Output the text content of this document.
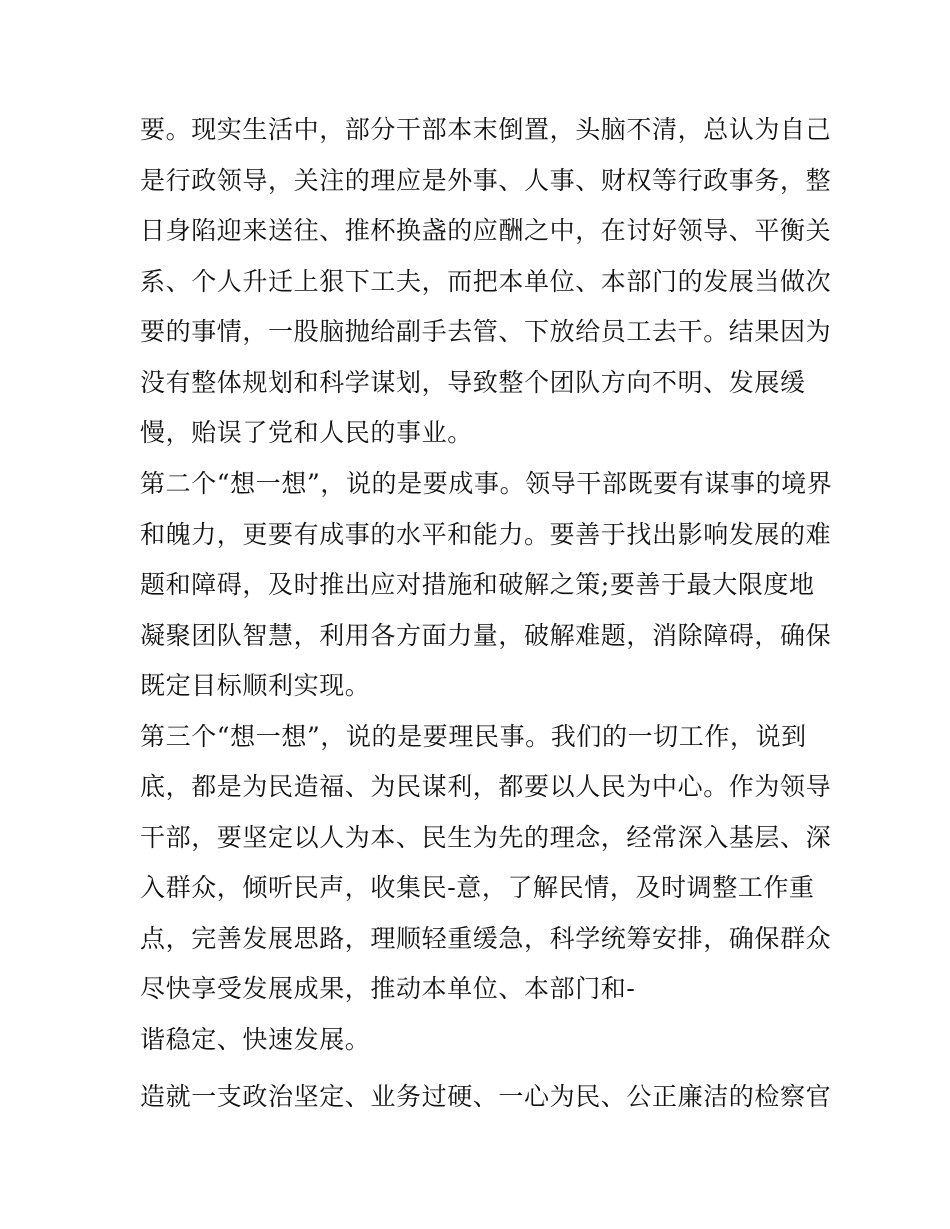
要。现实生活中，部分干部本末倒置，头脑不清，总认为自己
是行政领导，关注的理应是外事、人事、财权等行政事务，整
日身陷迎来送往、推杯换盏的应酬之中，在讨好领导、平衡关
系、个人升迁上狠下工夫，而把本单位、本部门的发展当做次
要的事情，一股脑抛给副手去管、下放给员工去干。结果因为
没有整体规划和科学谋划，导致整个团队方向不明、发展缓
慢，贻误了党和人民的事业。
第二个“想一想”，说的是要成事。领导干部既要有谋事的境界
和魄力，更要有成事的水平和能力。要善于找出影响发展的难
题和障碍，及时推出应对措施和破解之策;要善于最大限度地
凝聚团队智慧，利用各方面力量，破解难题，消除障碍，确保
既定目标顺利实现。
第三个“想一想”，说的是要理民事。我们的一切工作，说到
底，都是为民造福、为民谋利，都要以人民为中心。作为领导
干部，要坚定以人为本、民生为先的理念，经常深入基层、深
入群众，倾听民声，收集民-意，了解民情，及时调整工作重
点，完善发展思路，理顺轻重缓急，科学统筹安排，确保群众
尽快享受发展成果，推动本单位、本部门和-
谐稳定、快速发展。
造就一支政治坚定、业务过硬、一心为民、公正廉洁的检察官
